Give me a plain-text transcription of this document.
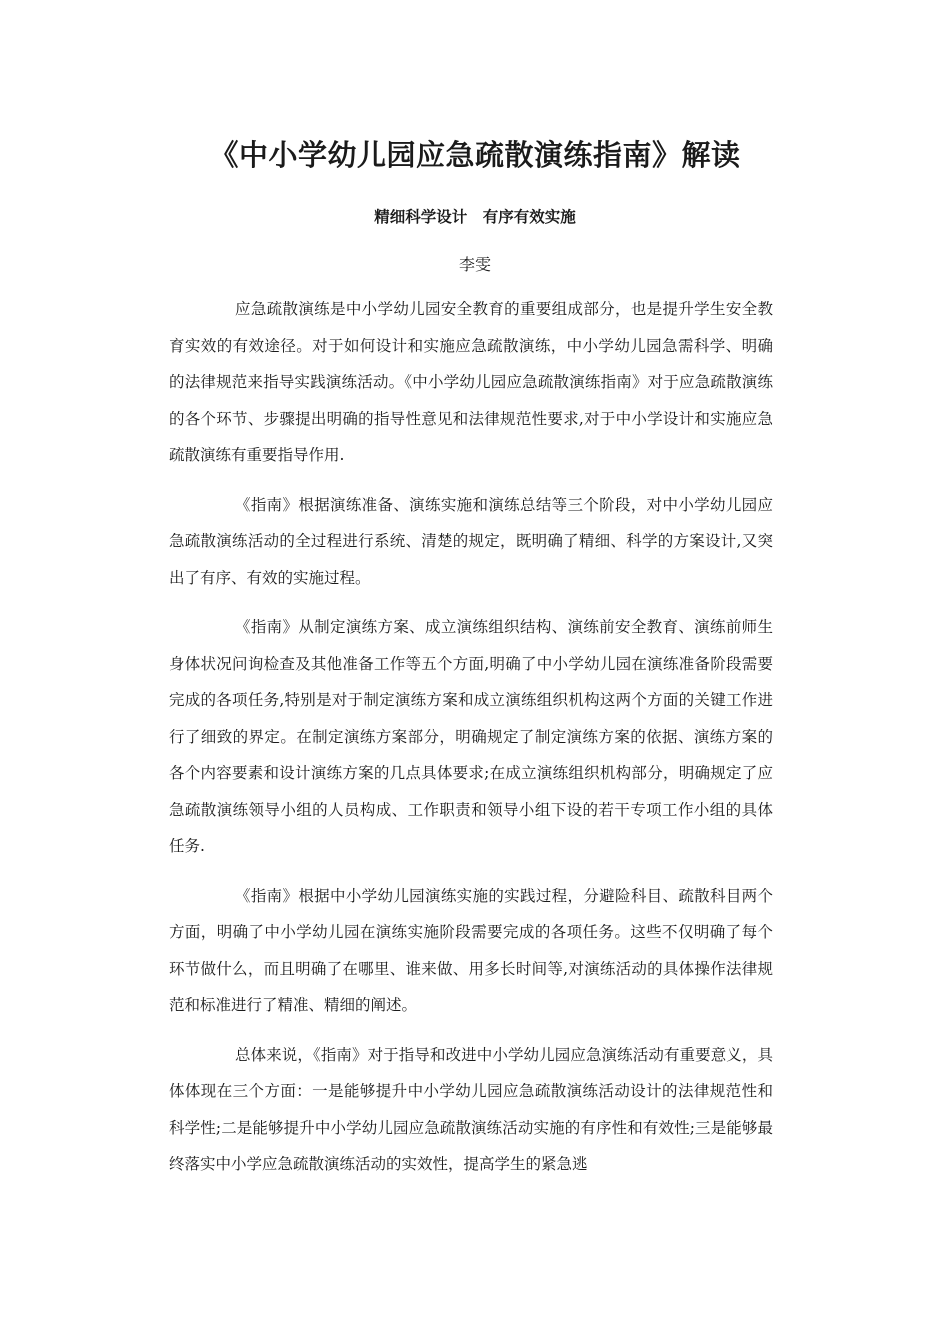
《中小学幼儿园应急疏散演练指南》解读
精细科学设计　有序有效实施
李雯

应急疏散演练是中小学幼儿园安全教育的重要组成部分，也是提升学生安全教育实效的有效途径。对于如何设计和实施应急疏散演练，中小学幼儿园急需科学、明确的法律规范来指导实践演练活动。《中小学幼儿园应急疏散演练指南》对于应急疏散演练的各个环节、步骤提出明确的指导性意见和法律规范性要求,对于中小学设计和实施应急疏散演练有重要指导作用.

《指南》根据演练准备、演练实施和演练总结等三个阶段，对中小学幼儿园应急疏散演练活动的全过程进行系统、清楚的规定，既明确了精细、科学的方案设计,又突出了有序、有效的实施过程。

《指南》从制定演练方案、成立演练组织结构、演练前安全教育、演练前师生身体状况问询检查及其他准备工作等五个方面,明确了中小学幼儿园在演练准备阶段需要完成的各项任务,特别是对于制定演练方案和成立演练组织机构这两个方面的关键工作进行了细致的界定。在制定演练方案部分，明确规定了制定演练方案的依据、演练方案的各个内容要素和设计演练方案的几点具体要求;在成立演练组织机构部分，明确规定了应急疏散演练领导小组的人员构成、工作职责和领导小组下设的若干专项工作小组的具体任务.

《指南》根据中小学幼儿园演练实施的实践过程，分避险科目、疏散科目两个方面，明确了中小学幼儿园在演练实施阶段需要完成的各项任务。这些不仅明确了每个环节做什么，而且明确了在哪里、谁来做、用多长时间等,对演练活动的具体操作法律规范和标准进行了精准、精细的阐述。

总体来说，《指南》对于指导和改进中小学幼儿园应急演练活动有重要意义，具体体现在三个方面：一是能够提升中小学幼儿园应急疏散演练活动设计的法律规范性和科学性;二是能够提升中小学幼儿园应急疏散演练活动实施的有序性和有效性;三是能够最终落实中小学应急疏散演练活动的实效性，提高学生的紧急逃
